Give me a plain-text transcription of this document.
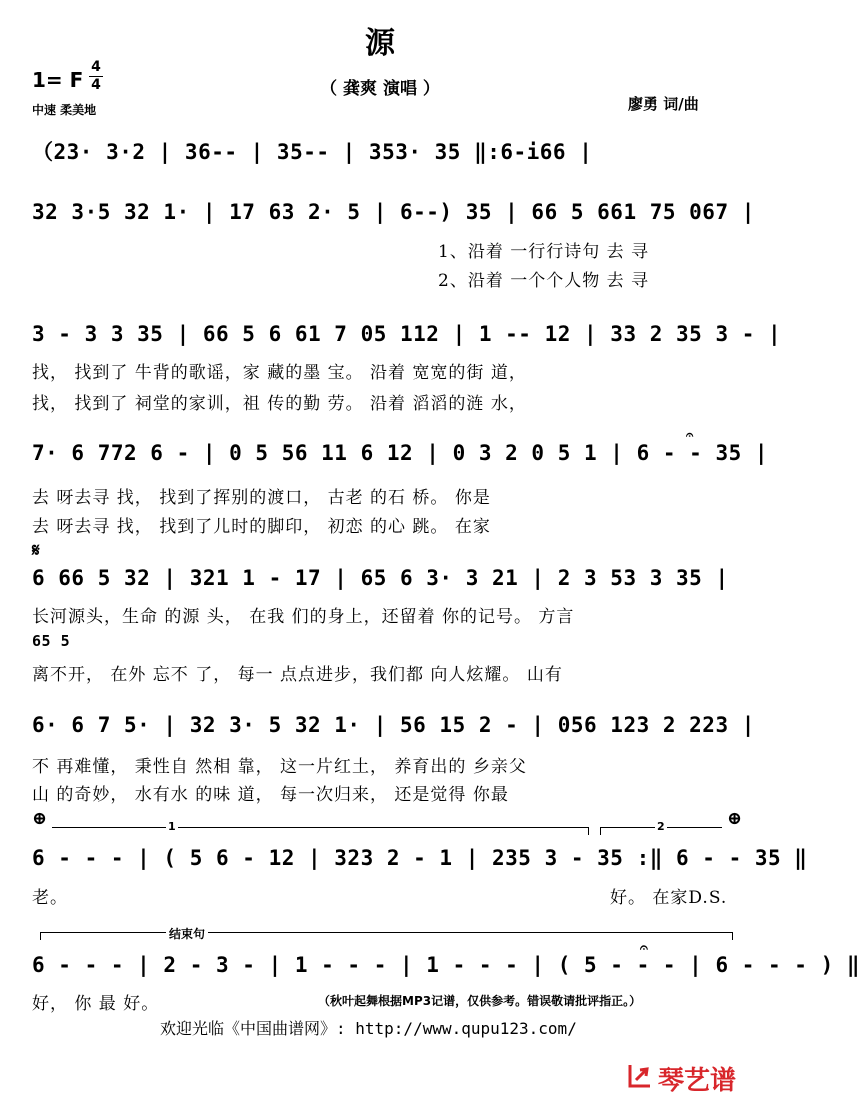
源
（ 龚爽 演唱 ）
1= F
4
4
中速 柔美地	廖勇 词/曲
（23· 3·2 | 36-- | 35-- | 353· 35 ‖:6-i66 |
32 3·5 32 1· | 17 63 2· 5 | 6--) 35 | 66 5 661 75 067 |
1、沿着 一行行诗句 去 寻
2、沿着 一个个人物 去 寻
3 - 3 3 35 | 66 5 6 61 7 05 112 | 1 -- 12 | 33 2 35 3 - |
找， 找到了 牛背的歌谣，家 藏的墨 宝。 沿着 宽宽的街 道，
找， 找到了 祠堂的家训，祖 传的勤 劳。 沿着 滔滔的涟 水，
𝄐
7· 6 772 6 - | 0 5 56 11 6 12 | 0 3 2 0 5 1 | 6 - - 35 |
去 呀去寻 找， 找到了挥别的渡口， 古老 的石 桥。 你是
去 呀去寻 找， 找到了儿时的脚印， 初恋 的心 跳。 在家
𝄋
6 66 5 32 | 321 1 - 17 | 65 6 3· 3 21 | 2 3 53 3 35 |
长河源头，生命 的源 头， 在我 们的身上，还留着 你的记号。 方言
65 5
离不开， 在外 忘不 了， 每一 点点进步，我们都 向人炫耀。 山有
6· 6 7 5· | 32 3· 5 32 1· | 56 15 2 - | 056 123 2 223 |
不 再难懂， 秉性自 然相 靠， 这一片红土， 养育出的 乡亲父
山 的奇妙， 水有水 的味 道， 每一次归来， 还是觉得 你最
⊕	⊕
1	2
6 - - - | ( 5 6 - 12 | 323 2 - 1 | 235 3 - 35 :‖ 6 - - 35 ‖
老。	好。 在家D.S.
结束句
𝄐
6 - - - | 2 - 3 - | 1 - - - | 1 - - - | ( 5 - - - | 6 - - - ) ‖
好， 你 最 好。	（秋叶起舞根据MP3记谱，仅供参考。错误敬请批评指正。）
欢迎光临《中国曲谱网》: http://www.qupu123.com/
琴艺谱
